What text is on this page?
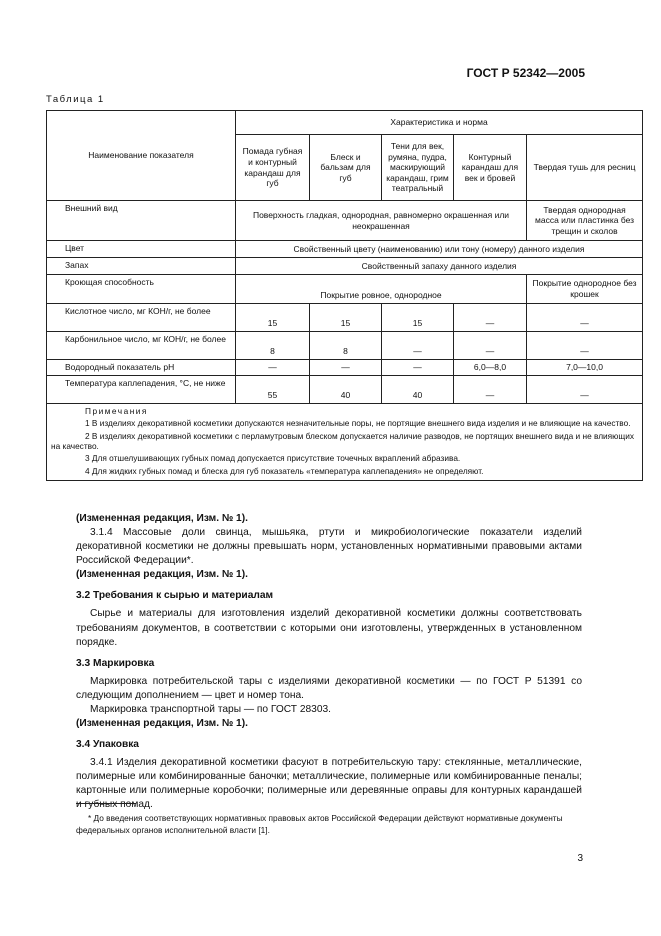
ГОСТ Р 52342—2005
Таблица 1
Наименование показателя	Характеристика и норма				
	Помада губная и контурный карандаш для губ	Блеск и бальзам для губ	Тени для век, румяна, пудра, маскирующий карандаш, грим театральный	Контурный карандаш для век и бровей	Твердая тушь для ресниц
Внешний вид	Поверхность гладкая, однородная, равномерно окрашенная или неокрашенная				Твердая однородная масса или пластинка без трещин и сколов
Цвет	Свойственный цвету (наименованию) или тону (номеру) данного изделия				
Запах	Свойственный запаху данного изделия				
Кроющая способность	Покрытие ровное, однородное				Покрытие однородное без крошек
Кислотное число, мг КОН/г, не более	15	15	15	—	—
Карбонильное число, мг КОН/г, не более	8	8	—	—	—
Водородный показатель рН	—	—	—	6,0—8,0	7,0—10,0
Температура каплепадения, °С, не ниже	55	40	40	—	—

Примечания

1 В изделиях декоративной косметики допускаются незначительные поры, не портящие внешнего вида изделия и не влияющие на качество.

2 В изделиях декоративной косметики с перламутровым блеском допускается наличие разводов, не портящих внешнего вида и не влияющих на качество.

3 Для отшелушивающих губных помад допускается присутствие точечных вкраплений абразива.

4 Для жидких губных помад и блеска для губ показатель «температура каплепадения» не определяют.					

(Измененная редакция, Изм. № 1).

3.1.4 Массовые доли свинца, мышьяка, ртути и микробиологические показатели изделий декоративной косметики не должны превышать норм, установленных нормативными правовыми актами Российской Федерации*.

(Измененная редакция, Изм. № 1).

3.2 Требования к сырью и материалам

Сырье и материалы для изготовления изделий декоративной косметики должны соответствовать требованиям документов, в соответствии с которыми они изготовлены, утвержденных в установленном порядке.

3.3 Маркировка

Маркировка потребительской тары с изделиями декоративной косметики — по ГОСТ Р 51391 со следующим дополнением — цвет и номер тона.

Маркировка транспортной тары — по ГОСТ 28303.

(Измененная редакция, Изм. № 1).

3.4 Упаковка

3.4.1 Изделия декоративной косметики фасуют в потребительскую тару: стеклянные, металлические, полимерные или комбинированные баночки; металлические, полимерные или комбинированные пеналы; картонные или полимерные коробочки; полимерные или деревянные оправы для контурных карандашей и губных помад.

* До введения соответствующих нормативных правовых актов Российской Федерации действуют нормативные документы федеральных органов исполнительной власти [1].
3
